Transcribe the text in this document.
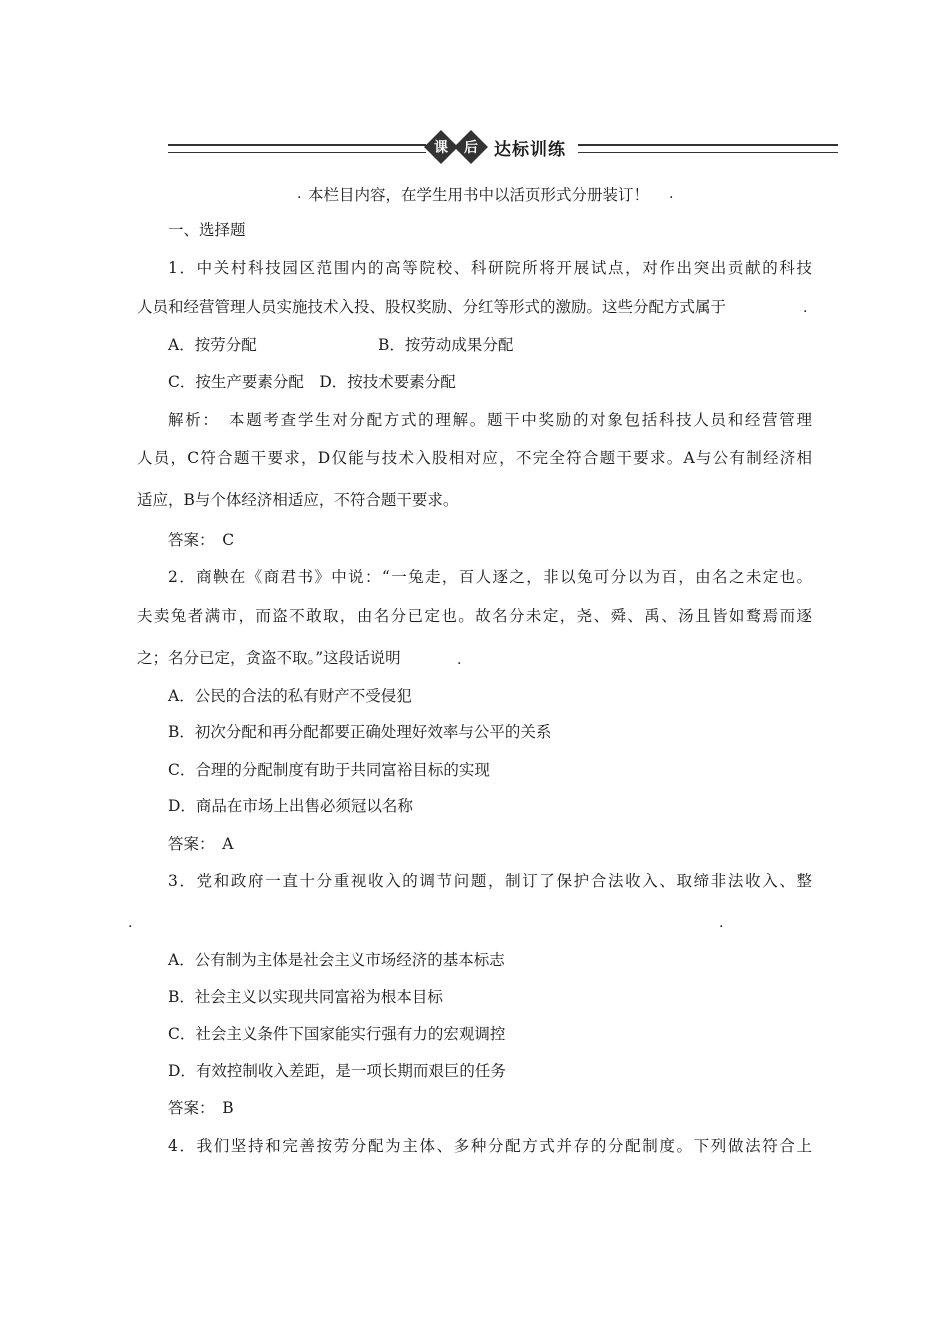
课 后 达标训练
. 本栏目内容，在学生用书中以活页形式分册装订！ .
一、选择题
1．中关村科技园区范围内的高等院校、科研院所将开展试点，对作出突出贡献的科技
人员和经营管理人员实施技术入投、股权奖励、分红等形式的激励。这些分配方式属于	.
A．按劳分配	B．按劳动成果分配
C．按生产要素分配　D．按技术要素分配
解析：　本题考查学生对分配方式的理解。题干中奖励的对象包括科技人员和经营管理
人员，C符合题干要求，D仅能与技术入股相对应，不完全符合题干要求。A与公有制经济相
适应，B与个体经济相适应，不符合题干要求。
答案：　C
2．商鞅在《商君书》中说：“一兔走，百人逐之，非以兔可分以为百，由名之未定也。
夫卖兔者满市，而盗不敢取，由名分已定也。故名分未定，尧、舜、禹、汤且皆如鹜焉而逐
之；名分已定，贪盗不取。”这段话说明	.
A．公民的合法的私有财产不受侵犯
B．初次分配和再分配都要正确处理好效率与公平的关系
C．合理的分配制度有助于共同富裕目标的实现
D．商品在市场上出售必须冠以名称
答案：　A
3．党和政府一直十分重视收入的调节问题，制订了保护合法收入、取缔非法收入、整
.	.
A．公有制为主体是社会主义市场经济的基本标志
B．社会主义以实现共同富裕为根本目标
C．社会主义条件下国家能实行强有力的宏观调控
D．有效控制收入差距，是一项长期而艰巨的任务
答案：　B
4．我们坚持和完善按劳分配为主体、多种分配方式并存的分配制度。下列做法符合上
